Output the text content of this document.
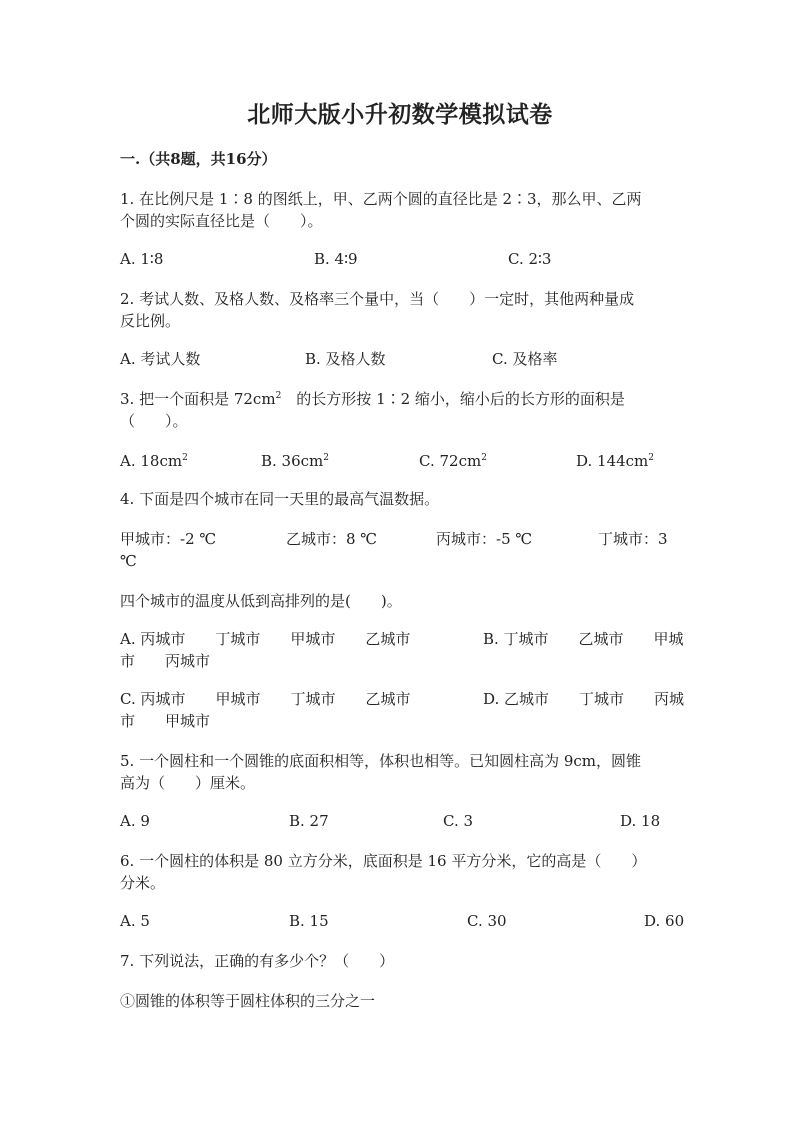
北师大版小升初数学模拟试卷
一.（共8题，共16分）
1. 在比例尺是 1∶8 的图纸上，甲、乙两个圆的直径比是 2∶3，那么甲、乙两
个圆的实际直径比是（　　）。
A. 1∶8	B. 4∶9	C. 2∶3
2. 考试人数、及格人数、及格率三个量中，当（　　）一定时，其他两种量成
反比例。
A. 考试人数	B. 及格人数	C. 及格率
3. 把一个面积是 $72cm^2$　的长方形按 1∶2 缩小，缩小后的长方形的面积是
（　　）。
A. $18cm^2$	B. $36cm^2$	C. $72cm^2$	D. $144cm^2$
4. 下面是四个城市在同一天里的最高气温数据。
甲城市：-2 ℃	乙城市：8 ℃	丙城市：-5 ℃	丁城市：3
℃
四个城市的温度从低到高排列的是(　　)。
A. 丙城市　　丁城市　　甲城市　　乙城市	B. 丁城市　　乙城市　　甲城
市　　丙城市
C. 丙城市　　甲城市　　丁城市　　乙城市	D. 乙城市　　丁城市　　丙城
市　　甲城市
5. 一个圆柱和一个圆锥的底面积相等，体积也相等。已知圆柱高为 9cm，圆锥
高为（　　）厘米。
A. 9	B. 27	C. 3	D. 18
6. 一个圆柱的体积是 80 立方分米，底面积是 16 平方分米，它的高是（　　）
分米。
A. 5	B. 15	C. 30	D. 60
7. 下列说法，正确的有多少个？（　　）
①圆锥的体积等于圆柱体积的三分之一
